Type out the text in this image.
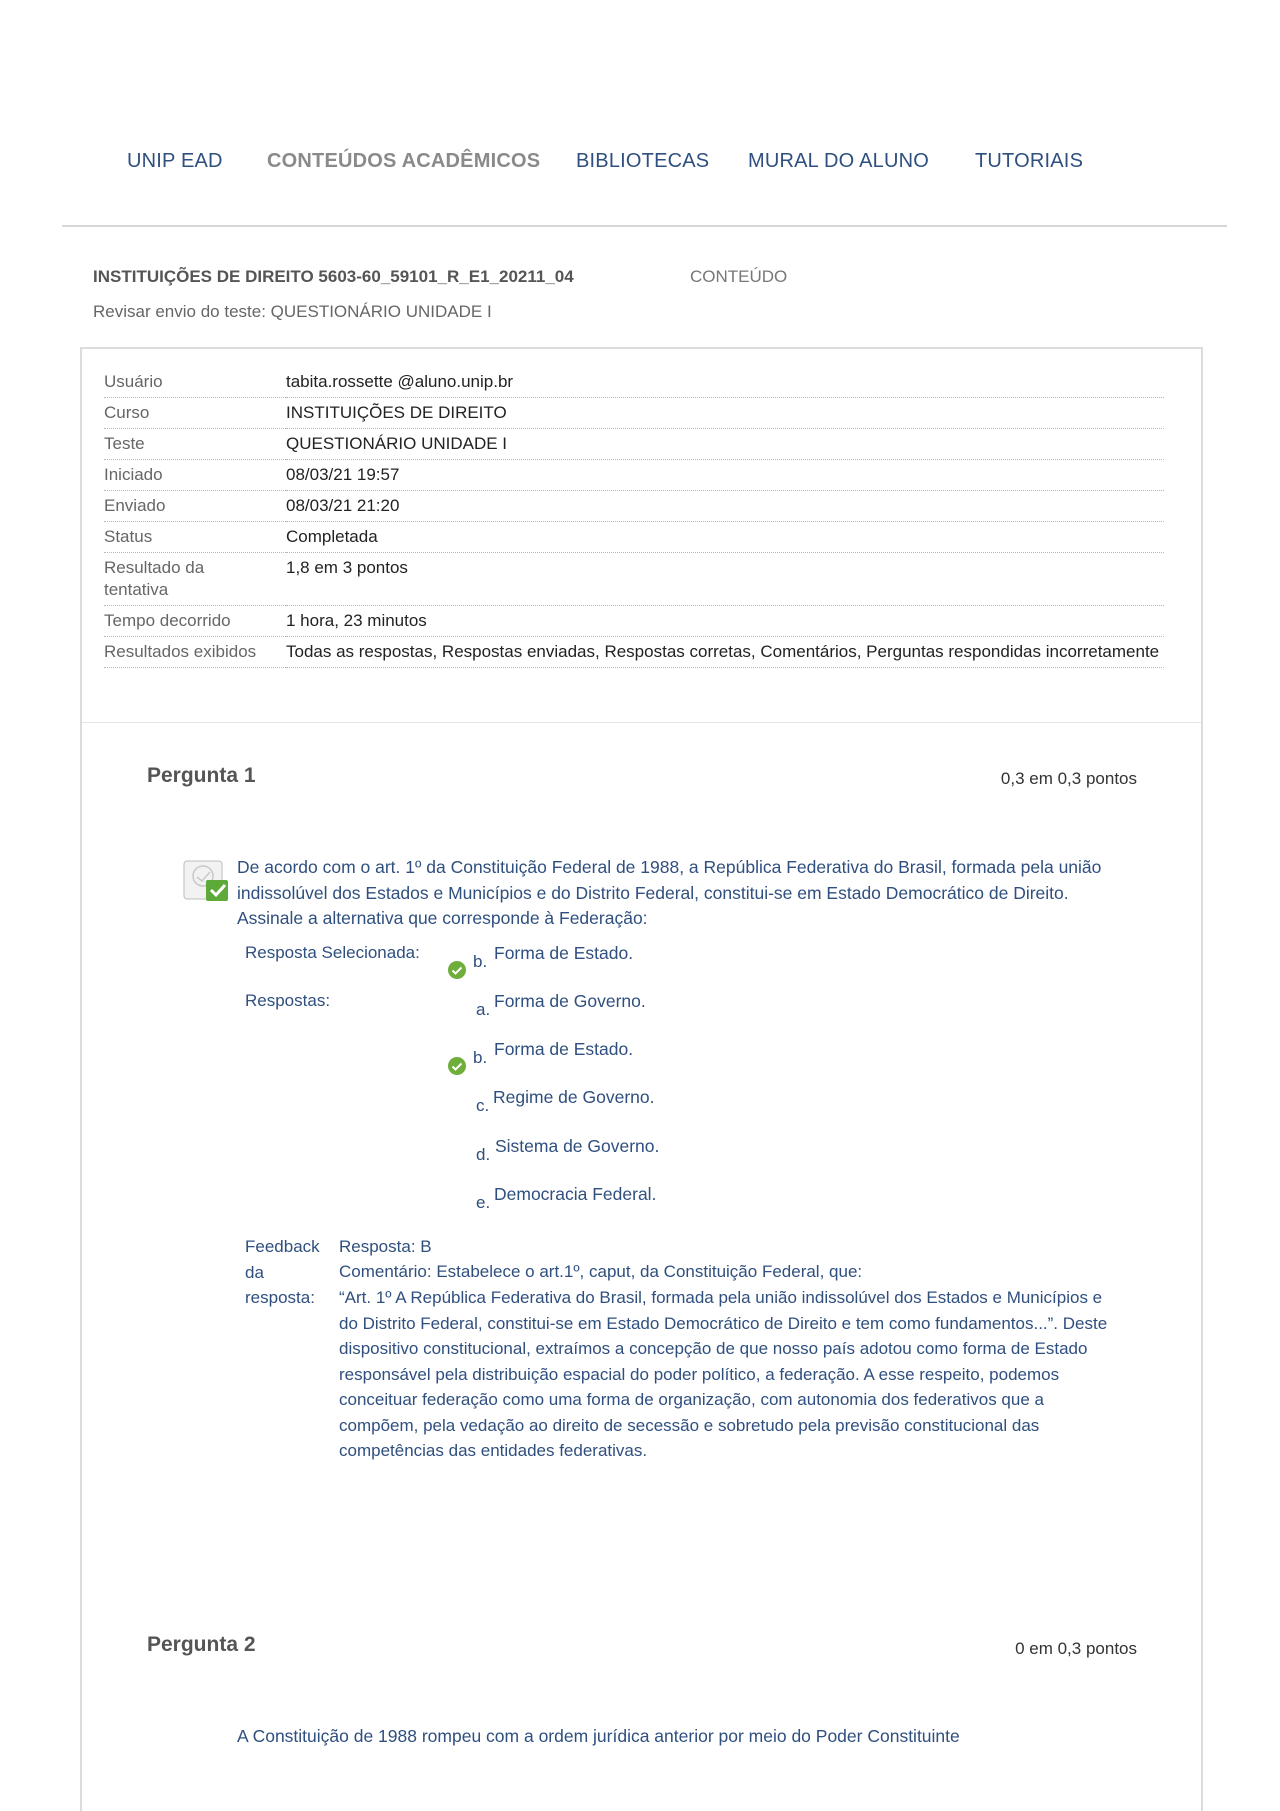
UNIP EAD CONTEÚDOS ACADÊMICOS BIBLIOTECAS MURAL DO ALUNO TUTORIAIS
INSTITUIÇÕES DE DIREITO 5603-60_59101_R_E1_20211_04	CONTEÚDO
Revisar envio do teste: QUESTIONÁRIO UNIDADE I
Usuário	tabita.rossette @aluno.unip.br
Curso	INSTITUIÇÕES DE DIREITO
Teste	QUESTIONÁRIO UNIDADE I
Iniciado	08/03/21 19:57
Enviado	08/03/21 21:20
Status	Completada
Resultado da tentativa	1,8 em 3 pontos
Tempo decorrido	1 hora, 23 minutos
Resultados exibidos	Todas as respostas, Respostas enviadas, Respostas corretas, Comentários, Perguntas respondidas incorretamente
Pergunta 1	0,3 em 0,3 pontos
De acordo com o art. 1º da Constituição Federal de 1988, a República Federativa do Brasil, formada pela união indissolúvel dos Estados e Municípios e do Distrito Federal, constitui-se em Estado Democrático de Direito. Assinale a alternativa que corresponde à Federação:
Resposta Selecionada:	b. Forma de Estado.
Respostas:	a. Forma de Governo.
b. Forma de Estado.
c. Regime de Governo.
d. Sistema de Governo.
e. Democracia Federal.
Feedback da resposta:
Resposta: B
Comentário: Estabelece o art.1º, caput, da Constituição Federal, que:
“Art. 1º A República Federativa do Brasil, formada pela união indissolúvel dos Estados e Municípios e do Distrito Federal, constitui-se em Estado Democrático de Direito e tem como fundamentos...”. Deste dispositivo constitucional, extraímos a concepção de que nosso país adotou como forma de Estado responsável pela distribuição espacial do poder político, a federação. A esse respeito, podemos conceituar federação como uma forma de organização, com autonomia dos federativos que a compõem, pela vedação ao direito de secessão e sobretudo pela previsão constitucional das competências das entidades federativas.
Pergunta 2	0 em 0,3 pontos
A Constituição de 1988 rompeu com a ordem jurídica anterior por meio do Poder Constituinte
